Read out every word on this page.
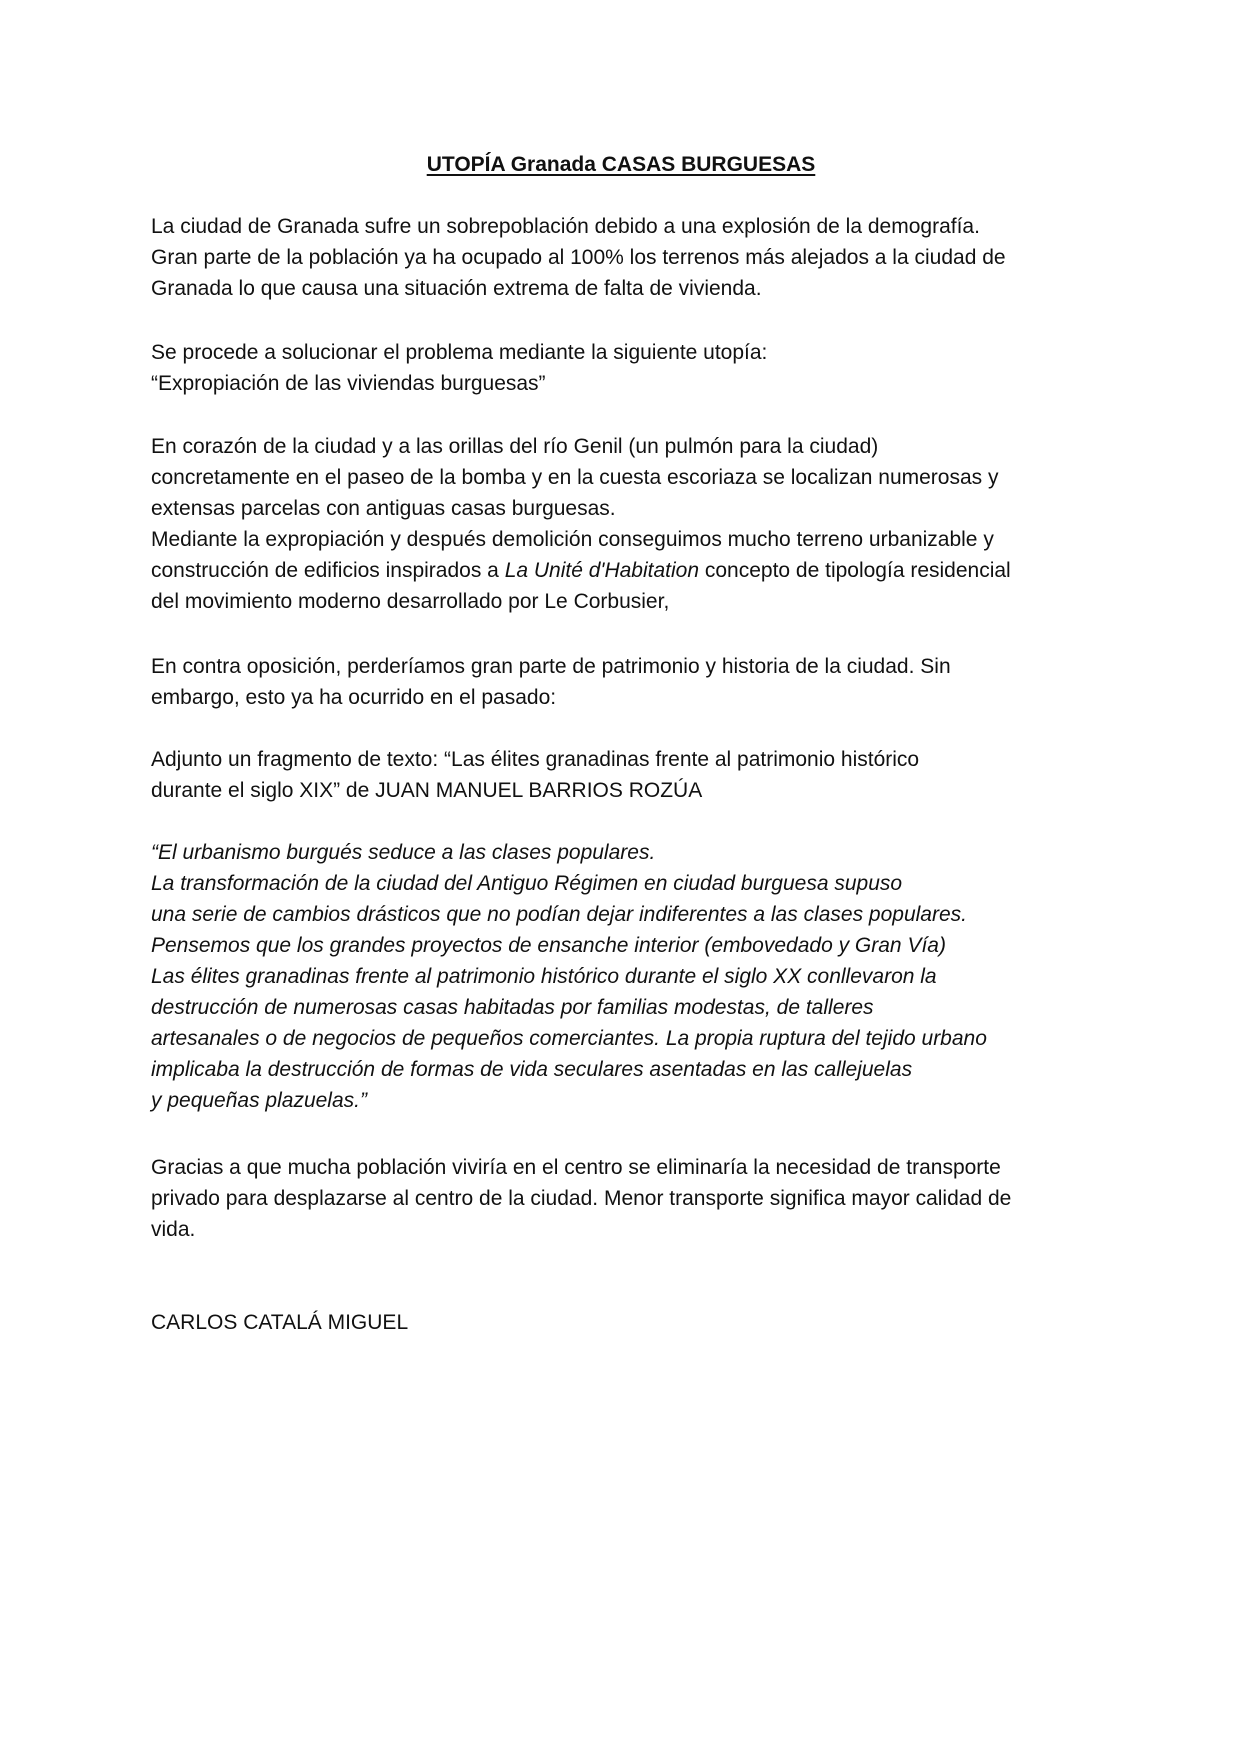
UTOPÍA Granada CASAS BURGUESAS

La ciudad de Granada sufre un sobrepoblación debido a una explosión de la demografía.
Gran parte de la población ya ha ocupado al 100% los terrenos más alejados a la ciudad de
Granada lo que causa una situación extrema de falta de vivienda.

Se procede a solucionar el problema mediante la siguiente utopía:
“Expropiación de las viviendas burguesas”

En corazón de la ciudad y a las orillas del río Genil (un pulmón para la ciudad)
concretamente en el paseo de la bomba y en la cuesta escoriaza se localizan numerosas y
extensas parcelas con antiguas casas burguesas.

Mediante la expropiación y después demolición conseguimos mucho terreno urbanizable y
construcción de edificios inspirados a La Unité d'Habitation concepto de tipología residencial
del movimiento moderno desarrollado por Le Corbusier,

En contra oposición, perderíamos gran parte de patrimonio y historia de la ciudad. Sin
embargo, esto ya ha ocurrido en el pasado:

Adjunto un fragmento de texto: “Las élites granadinas frente al patrimonio histórico
durante el siglo XIX” de JUAN MANUEL BARRIOS ROZÚA

“El urbanismo burgués seduce a las clases populares.
La transformación de la ciudad del Antiguo Régimen en ciudad burguesa supuso
una serie de cambios drásticos que no podían dejar indiferentes a las clases populares.
Pensemos que los grandes proyectos de ensanche interior (embovedado y Gran Vía)
Las élites granadinas frente al patrimonio histórico durante el siglo XX conllevaron la
destrucción de numerosas casas habitadas por familias modestas, de talleres
artesanales o de negocios de pequeños comerciantes. La propia ruptura del tejido urbano
implicaba la destrucción de formas de vida seculares asentadas en las callejuelas
y pequeñas plazuelas.”

Gracias a que mucha población viviría en el centro se eliminaría la necesidad de transporte
privado para desplazarse al centro de la ciudad. Menor transporte significa mayor calidad de
vida.

CARLOS CATALÁ MIGUEL
